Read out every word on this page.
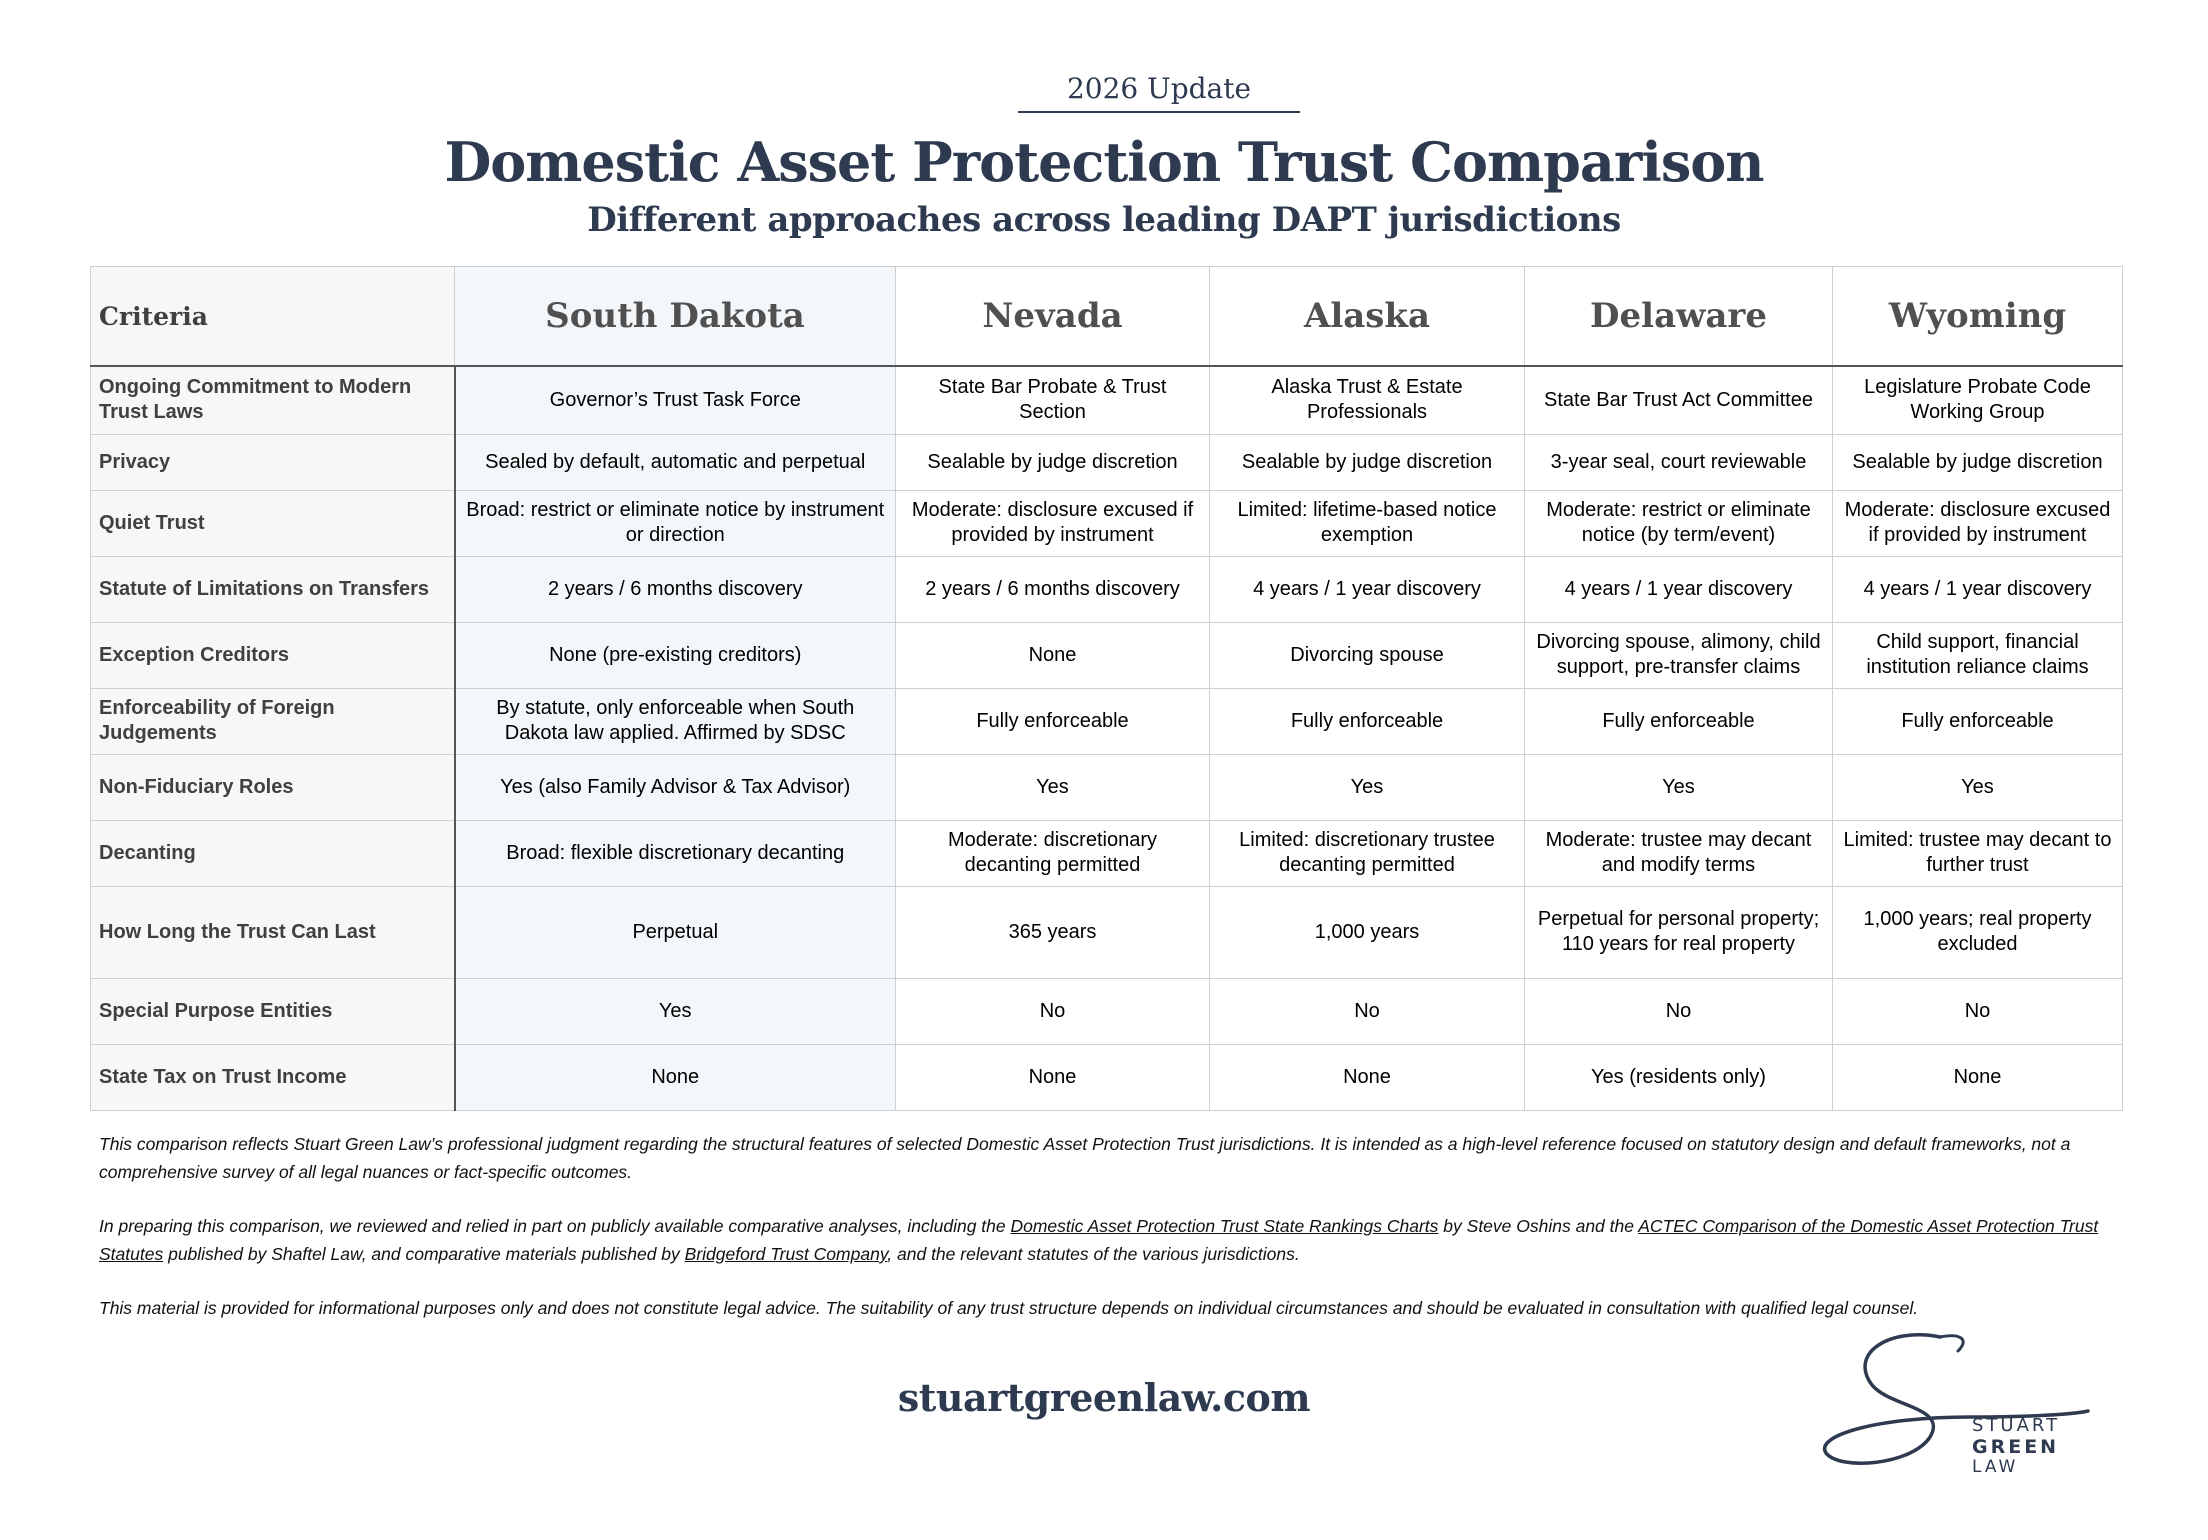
2026 Update
Domestic Asset Protection Trust Comparison
Different approaches across leading DAPT jurisdictions
Criteria	South Dakota	Nevada	Alaska	Delaware	Wyoming
Ongoing Commitment to Modern Trust Laws	Governor’s Trust Task Force	State Bar Probate & Trust Section	Alaska Trust & Estate Professionals	State Bar Trust Act Committee	Legislature Probate Code Working Group
Privacy	Sealed by default, automatic and perpetual	Sealable by judge discretion	Sealable by judge discretion	3-year seal, court reviewable	Sealable by judge discretion
Quiet Trust	Broad: restrict or eliminate notice by instrument or direction	Moderate: disclosure excused if provided by instrument	Limited: lifetime-based notice exemption	Moderate: restrict or eliminate notice (by term/event)	Moderate: disclosure excused if provided by instrument
Statute of Limitations on Transfers	2 years / 6 months discovery	2 years / 6 months discovery	4 years / 1 year discovery	4 years / 1 year discovery	4 years / 1 year discovery
Exception Creditors	None (pre-existing creditors)	None	Divorcing spouse	Divorcing spouse, alimony, child support, pre-transfer claims	Child support, financial institution reliance claims
Enforceability of Foreign Judgements	By statute, only enforceable when South Dakota law applied. Affirmed by SDSC	Fully enforceable	Fully enforceable	Fully enforceable	Fully enforceable
Non-Fiduciary Roles	Yes (also Family Advisor & Tax Advisor)	Yes	Yes	Yes	Yes
Decanting	Broad: flexible discretionary decanting	Moderate: discretionary decanting permitted	Limited: discretionary trustee decanting permitted	Moderate: trustee may decant and modify terms	Limited: trustee may decant to further trust
How Long the Trust Can Last	Perpetual	365 years	1,000 years	Perpetual for personal property; 110 years for real property	1,000 years; real property excluded
Special Purpose Entities	Yes	No	No	No	No
State Tax on Trust Income	None	None	None	Yes (residents only)	None

This comparison reflects Stuart Green Law’s professional judgment regarding the structural features of selected Domestic Asset Protection Trust jurisdictions. It is intended as a high-level reference focused on statutory design and default frameworks, not a comprehensive survey of all legal nuances or fact-specific outcomes.

In preparing this comparison, we reviewed and relied in part on publicly available comparative analyses, including the Domestic Asset Protection Trust State Rankings Charts by Steve Oshins and the ACTEC Comparison of the Domestic Asset Protection Trust Statutes published by Shaftel Law, and comparative materials published by Bridgeford Trust Company, and the relevant statutes of the various jurisdictions.

This material is provided for informational purposes only and does not constitute legal advice. The suitability of any trust structure depends on individual circumstances and should be evaluated in consultation with qualified legal counsel.

stuartgreenlaw.com
STUART
GREEN
LAW
